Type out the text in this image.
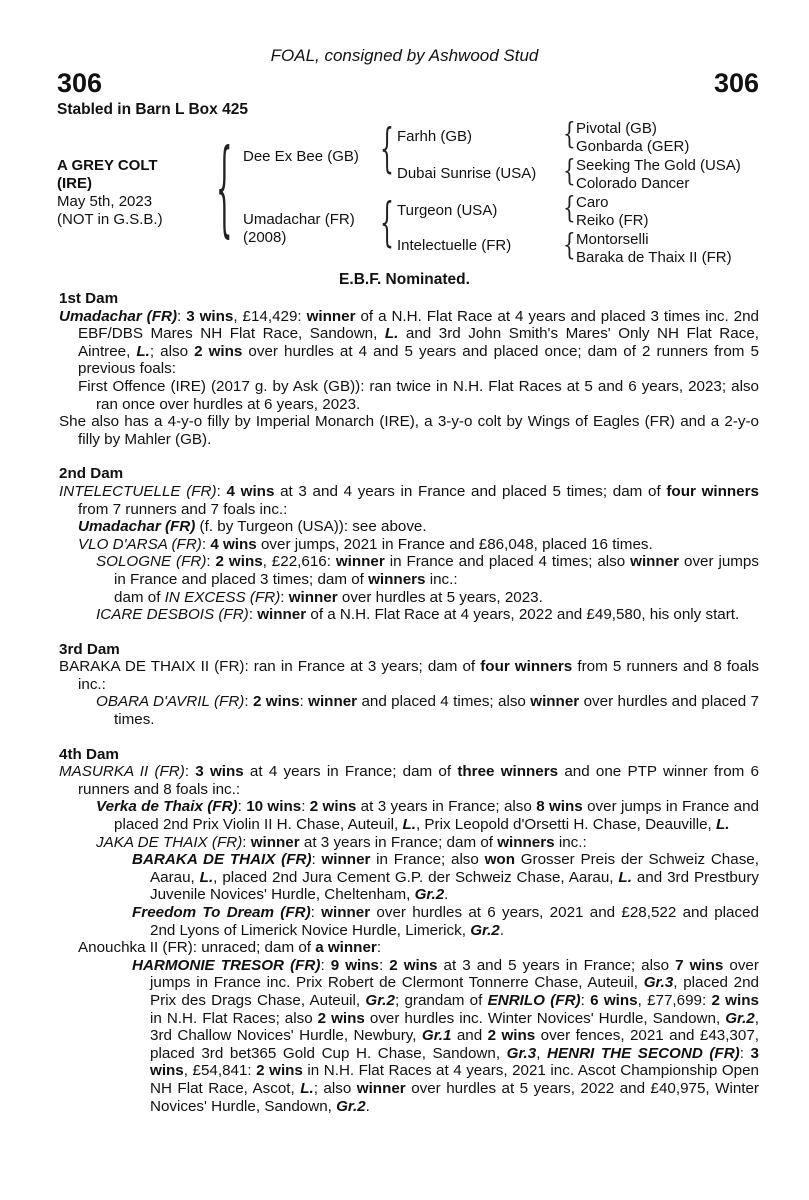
FOAL, consigned by Ashwood Stud
306	306
Stabled in Barn L Box 425
A GREY COLT
(IRE)
May 5th, 2023
(NOT in G.S.B.) { Dee Ex Bee (GB)
Umadachar (FR)
(2008)
{ Farhh (GB)
Dubai Sunrise (USA)
{ Turgeon (USA)
Intelectuelle (FR)
{ Pivotal (GB)
Gonbarda (GER)
{ Seeking The Gold (USA)
Colorado Dancer
{ Caro
Reiko (FR)
{ Montorselli
Baraka de Thaix II (FR)
E.B.F. Nominated.
1st Dam

Umadachar (FR): 3 wins, £14,429: winner of a N.H. Flat Race at 4 years and placed 3 times inc. 2nd EBF/DBS Mares NH Flat Race, Sandown, L. and 3rd John Smith's Mares' Only NH Flat Race, Aintree, L.; also 2 wins over hurdles at 4 and 5 years and placed once; dam of 2 runners from 5 previous foals:

First Offence (IRE) (2017 g. by Ask (GB)): ran twice in N.H. Flat Races at 5 and 6 years, 2023; also ran once over hurdles at 6 years, 2023.

She also has a 4-y-o filly by Imperial Monarch (IRE), a 3-y-o colt by Wings of Eagles (FR) and a 2-y-o filly by Mahler (GB).

2nd Dam

INTELECTUELLE (FR): 4 wins at 3 and 4 years in France and placed 5 times; dam of four winners from 7 runners and 7 foals inc.:

Umadachar (FR) (f. by Turgeon (USA)): see above.

VLO D'ARSA (FR): 4 wins over jumps, 2021 in France and £86,048, placed 16 times.

SOLOGNE (FR): 2 wins, £22,616: winner in France and placed 4 times; also winner over jumps in France and placed 3 times; dam of winners inc.:

dam of IN EXCESS (FR): winner over hurdles at 5 years, 2023.

ICARE DESBOIS (FR): winner of a N.H. Flat Race at 4 years, 2022 and £49,580, his only start.

3rd Dam

BARAKA DE THAIX II (FR): ran in France at 3 years; dam of four winners from 5 runners and 8 foals inc.:

OBARA D'AVRIL (FR): 2 wins: winner and placed 4 times; also winner over hurdles and placed 7 times.

4th Dam

MASURKA II (FR): 3 wins at 4 years in France; dam of three winners and one PTP winner from 6 runners and 8 foals inc.:

Verka de Thaix (FR): 10 wins: 2 wins at 3 years in France; also 8 wins over jumps in France and placed 2nd Prix Violin II H. Chase, Auteuil, L., Prix Leopold d'Orsetti H. Chase, Deauville, L.

JAKA DE THAIX (FR): winner at 3 years in France; dam of winners inc.:

BARAKA DE THAIX (FR): winner in France; also won Grosser Preis der Schweiz Chase, Aarau, L., placed 2nd Jura Cement G.P. der Schweiz Chase, Aarau, L. and 3rd Prestbury Juvenile Novices' Hurdle, Cheltenham, Gr.2.

Freedom To Dream (FR): winner over hurdles at 6 years, 2021 and £28,522 and placed 2nd Lyons of Limerick Novice Hurdle, Limerick, Gr.2.

Anouchka II (FR): unraced; dam of a winner:

HARMONIE TRESOR (FR): 9 wins: 2 wins at 3 and 5 years in France; also 7 wins over jumps in France inc. Prix Robert de Clermont Tonnerre Chase, Auteuil, Gr.3, placed 2nd Prix des Drags Chase, Auteuil, Gr.2; grandam of ENRILO (FR): 6 wins, £77,699: 2 wins in N.H. Flat Races; also 2 wins over hurdles inc. Winter Novices' Hurdle, Sandown, Gr.2, 3rd Challow Novices' Hurdle, Newbury, Gr.1 and 2 wins over fences, 2021 and £43,307, placed 3rd bet365 Gold Cup H. Chase, Sandown, Gr.3, HENRI THE SECOND (FR): 3 wins, £54,841: 2 wins in N.H. Flat Races at 4 years, 2021 inc. Ascot Championship Open NH Flat Race, Ascot, L.; also winner over hurdles at 5 years, 2022 and £40,975, Winter Novices' Hurdle, Sandown, Gr.2.
